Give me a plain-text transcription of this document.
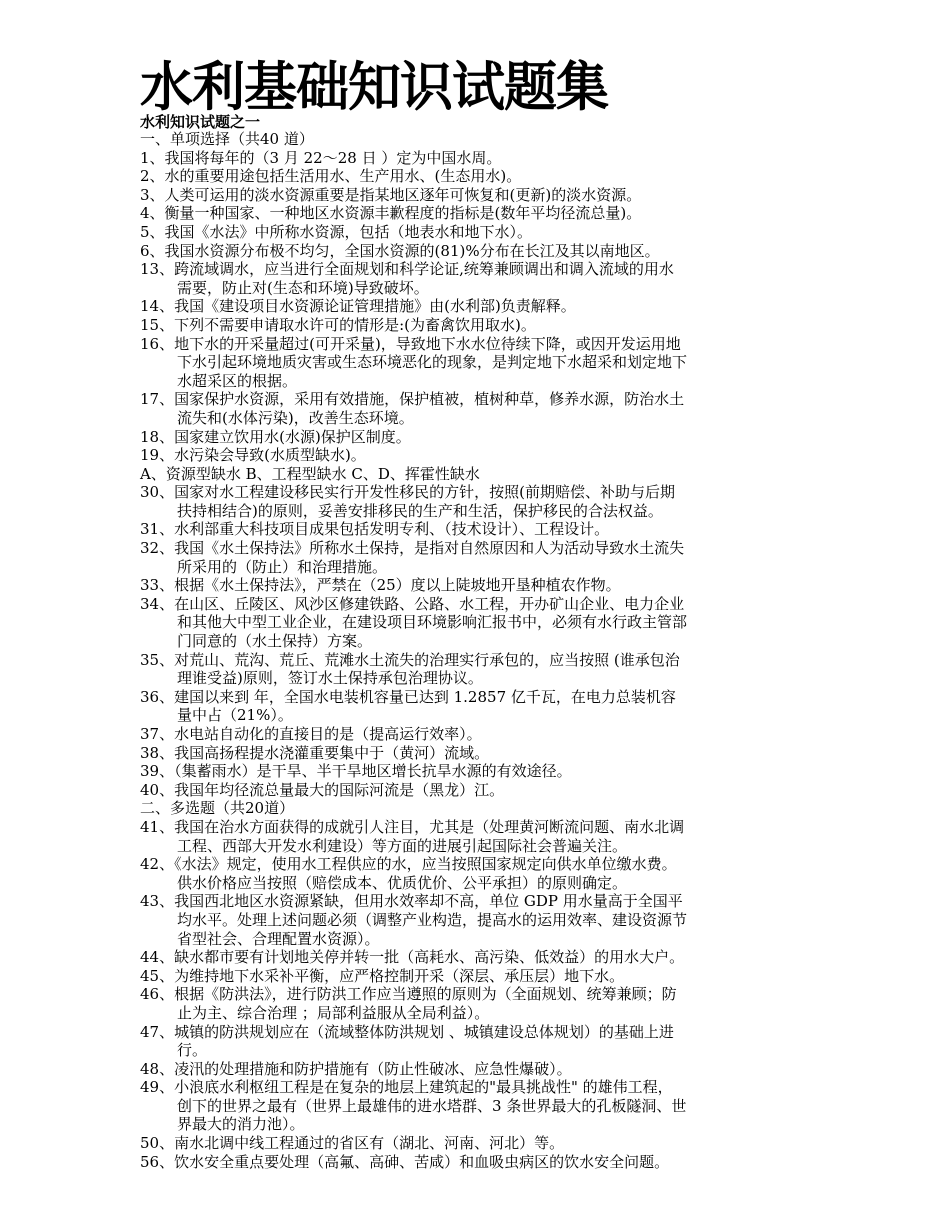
水利基础知识试题集
水利知识试题之一
一、单项选择（共40 道）
1、我国将每年的（3 月 22～28 日 ）定为中国水周。
2、水的重要用途包括生活用水、生产用水、(生态用水)。
3、人类可运用的淡水资源重要是指某地区逐年可恢复和(更新)的淡水资源。
4、衡量一种国家、一种地区水资源丰歉程度的指标是(数年平均径流总量)。
5、我国《水法》中所称水资源，包括（地表水和地下水）。
6、我国水资源分布极不均匀，全国水资源的(81)%分布在长江及其以南地区。
13、跨流域调水，应当进行全面规划和科学论证,统筹兼顾调出和调入流域的用水
需要，防止对(生态和环境)导致破坏。
14、我国《建设项目水资源论证管理措施》由(水利部)负责解释。
15、下列不需要申请取水许可的情形是:(为畜禽饮用取水)。
16、地下水的开采量超过(可开采量)，导致地下水水位待续下降，或因开发运用地
下水引起环境地质灾害或生态环境恶化的现象，是判定地下水超采和划定地下
水超采区的根据。
17、国家保护水资源，采用有效措施，保护植被，植树种草，修养水源，防治水土
流失和(水体污染)，改善生态环境。
18、国家建立饮用水(水源)保护区制度。
19、水污染会导致(水质型缺水)。
A、资源型缺水 B、工程型缺水 C、D、挥霍性缺水
30、国家对水工程建设移民实行开发性移民的方针，按照(前期赔偿、补助与后期
扶持相结合)的原则，妥善安排移民的生产和生活，保护移民的合法权益。
31、水利部重大科技项目成果包括发明专利、（技术设计）、工程设计。
32、我国《水土保持法》所称水土保持，是指对自然原因和人为活动导致水土流失
所采用的（防止）和治理措施。
33、根据《水土保持法》，严禁在（25）度以上陡坡地开垦种植农作物。
34、在山区、丘陵区、风沙区修建铁路、公路、水工程，开办矿山企业、电力企业
和其他大中型工业企业，在建设项目环境影响汇报书中，必须有水行政主管部
门同意的（水土保持）方案。
35、对荒山、荒沟、荒丘、荒滩水土流失的治理实行承包的，应当按照 (谁承包治
理谁受益)原则，签订水土保持承包治理协议。
36、建国以来到 年，全国水电装机容量已达到 1.2857 亿千瓦，在电力总装机容
量中占（21%）。
37、水电站自动化的直接目的是（提高运行效率）。
38、我国高扬程提水浇灌重要集中于（黄河）流域。
39、（集蓄雨水）是干旱、半干旱地区增长抗旱水源的有效途径。
40、我国年均径流总量最大的国际河流是（黑龙）江。
二、多选题（共20道）
41、我国在治水方面获得的成就引人注目，尤其是（处理黄河断流问题、南水北调
工程、西部大开发水利建设）等方面的进展引起国际社会普遍关注。
42、《水法》规定，使用水工程供应的水，应当按照国家规定向供水单位缴水费。
供水价格应当按照（赔偿成本、优质优价、公平承担）的原则确定。
43、我国西北地区水资源紧缺，但用水效率却不高，单位 GDP 用水量高于全国平
均水平。处理上述问题必须（调整产业构造，提高水的运用效率、建设资源节
省型社会、合理配置水资源）。
44、缺水都市要有计划地关停并转一批（高耗水、高污染、低效益）的用水大户。
45、为维持地下水采补平衡，应严格控制开采（深层、承压层）地下水。
46、根据《防洪法》，进行防洪工作应当遵照的原则为（全面规划、统筹兼顾；防
止为主、综合治理 ；局部利益服从全局利益）。
47、城镇的防洪规划应在（流域整体防洪规划 、城镇建设总体规划）的基础上进
行。
48、凌汛的处理措施和防护措施有（防止性破冰、应急性爆破）。
49、小浪底水利枢纽工程是在复杂的地层上建筑起的"最具挑战性" 的雄伟工程，
创下的世界之最有（世界上最雄伟的进水塔群、3 条世界最大的孔板隧洞、世
界最大的消力池）。
50、南水北调中线工程通过的省区有（湖北、河南、河北）等。
56、饮水安全重点要处理（高氟、高砷、苦咸）和血吸虫病区的饮水安全问题。
